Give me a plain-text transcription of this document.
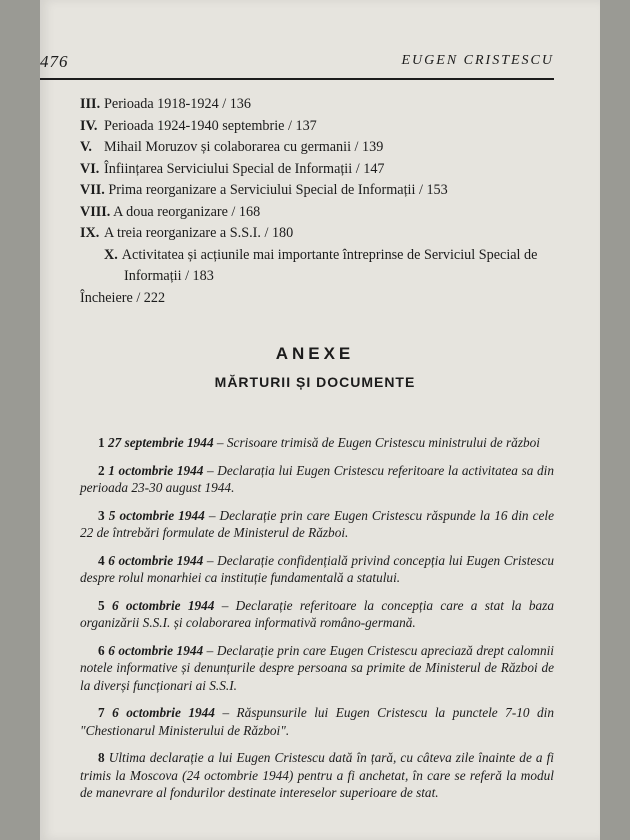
476	EUGEN CRISTESCU
III. Perioada 1918-1924 / 136
IV. Perioada 1924-1940 septembrie / 137
V. Mihail Moruzov și colaborarea cu germanii / 139
VI. Înființarea Serviciului Special de Informații / 147
VII. Prima reorganizare a Serviciului Special de Informații / 153
VIII. A doua reorganizare / 168
IX. A treia reorganizare a S.S.I. / 180
X. Activitatea și acțiunile mai importante întreprinse de Serviciul Special de Informații / 183
Încheiere / 222
ANEXE
MĂRTURII ȘI DOCUMENTE

1 27 septembrie 1944 – Scrisoare trimisă de Eugen Cristescu ministrului de război

2 1 octombrie 1944 – Declarația lui Eugen Cristescu referitoare la activitatea sa din perioada 23-30 august 1944.

3 5 octombrie 1944 – Declarație prin care Eugen Cristescu răspunde la 16 din cele 22 de întrebări formulate de Ministerul de Război.

4 6 octombrie 1944 – Declarație confidențială privind concepția lui Eugen Cristescu despre rolul monarhiei ca instituție fundamentală a statului.

5 6 octombrie 1944 – Declarație referitoare la concepția care a stat la baza organizării S.S.I. și colaborarea informativă româno-germană.

6 6 octombrie 1944 – Declarație prin care Eugen Cristescu apreciază drept calomnii notele informative și denunțurile despre persoana sa primite de Ministerul de Război de la diverși funcționari ai S.S.I.

7 6 octombrie 1944 – Răspunsurile lui Eugen Cristescu la punctele 7-10 din "Chestionarul Ministerului de Război".

8 Ultima declarație a lui Eugen Cristescu dată în țară, cu câteva zile înainte de a fi trimis la Moscova (24 octombrie 1944) pentru a fi anchetat, în care se referă la modul de manevrare al fondurilor destinate intereselor superioare de stat.
